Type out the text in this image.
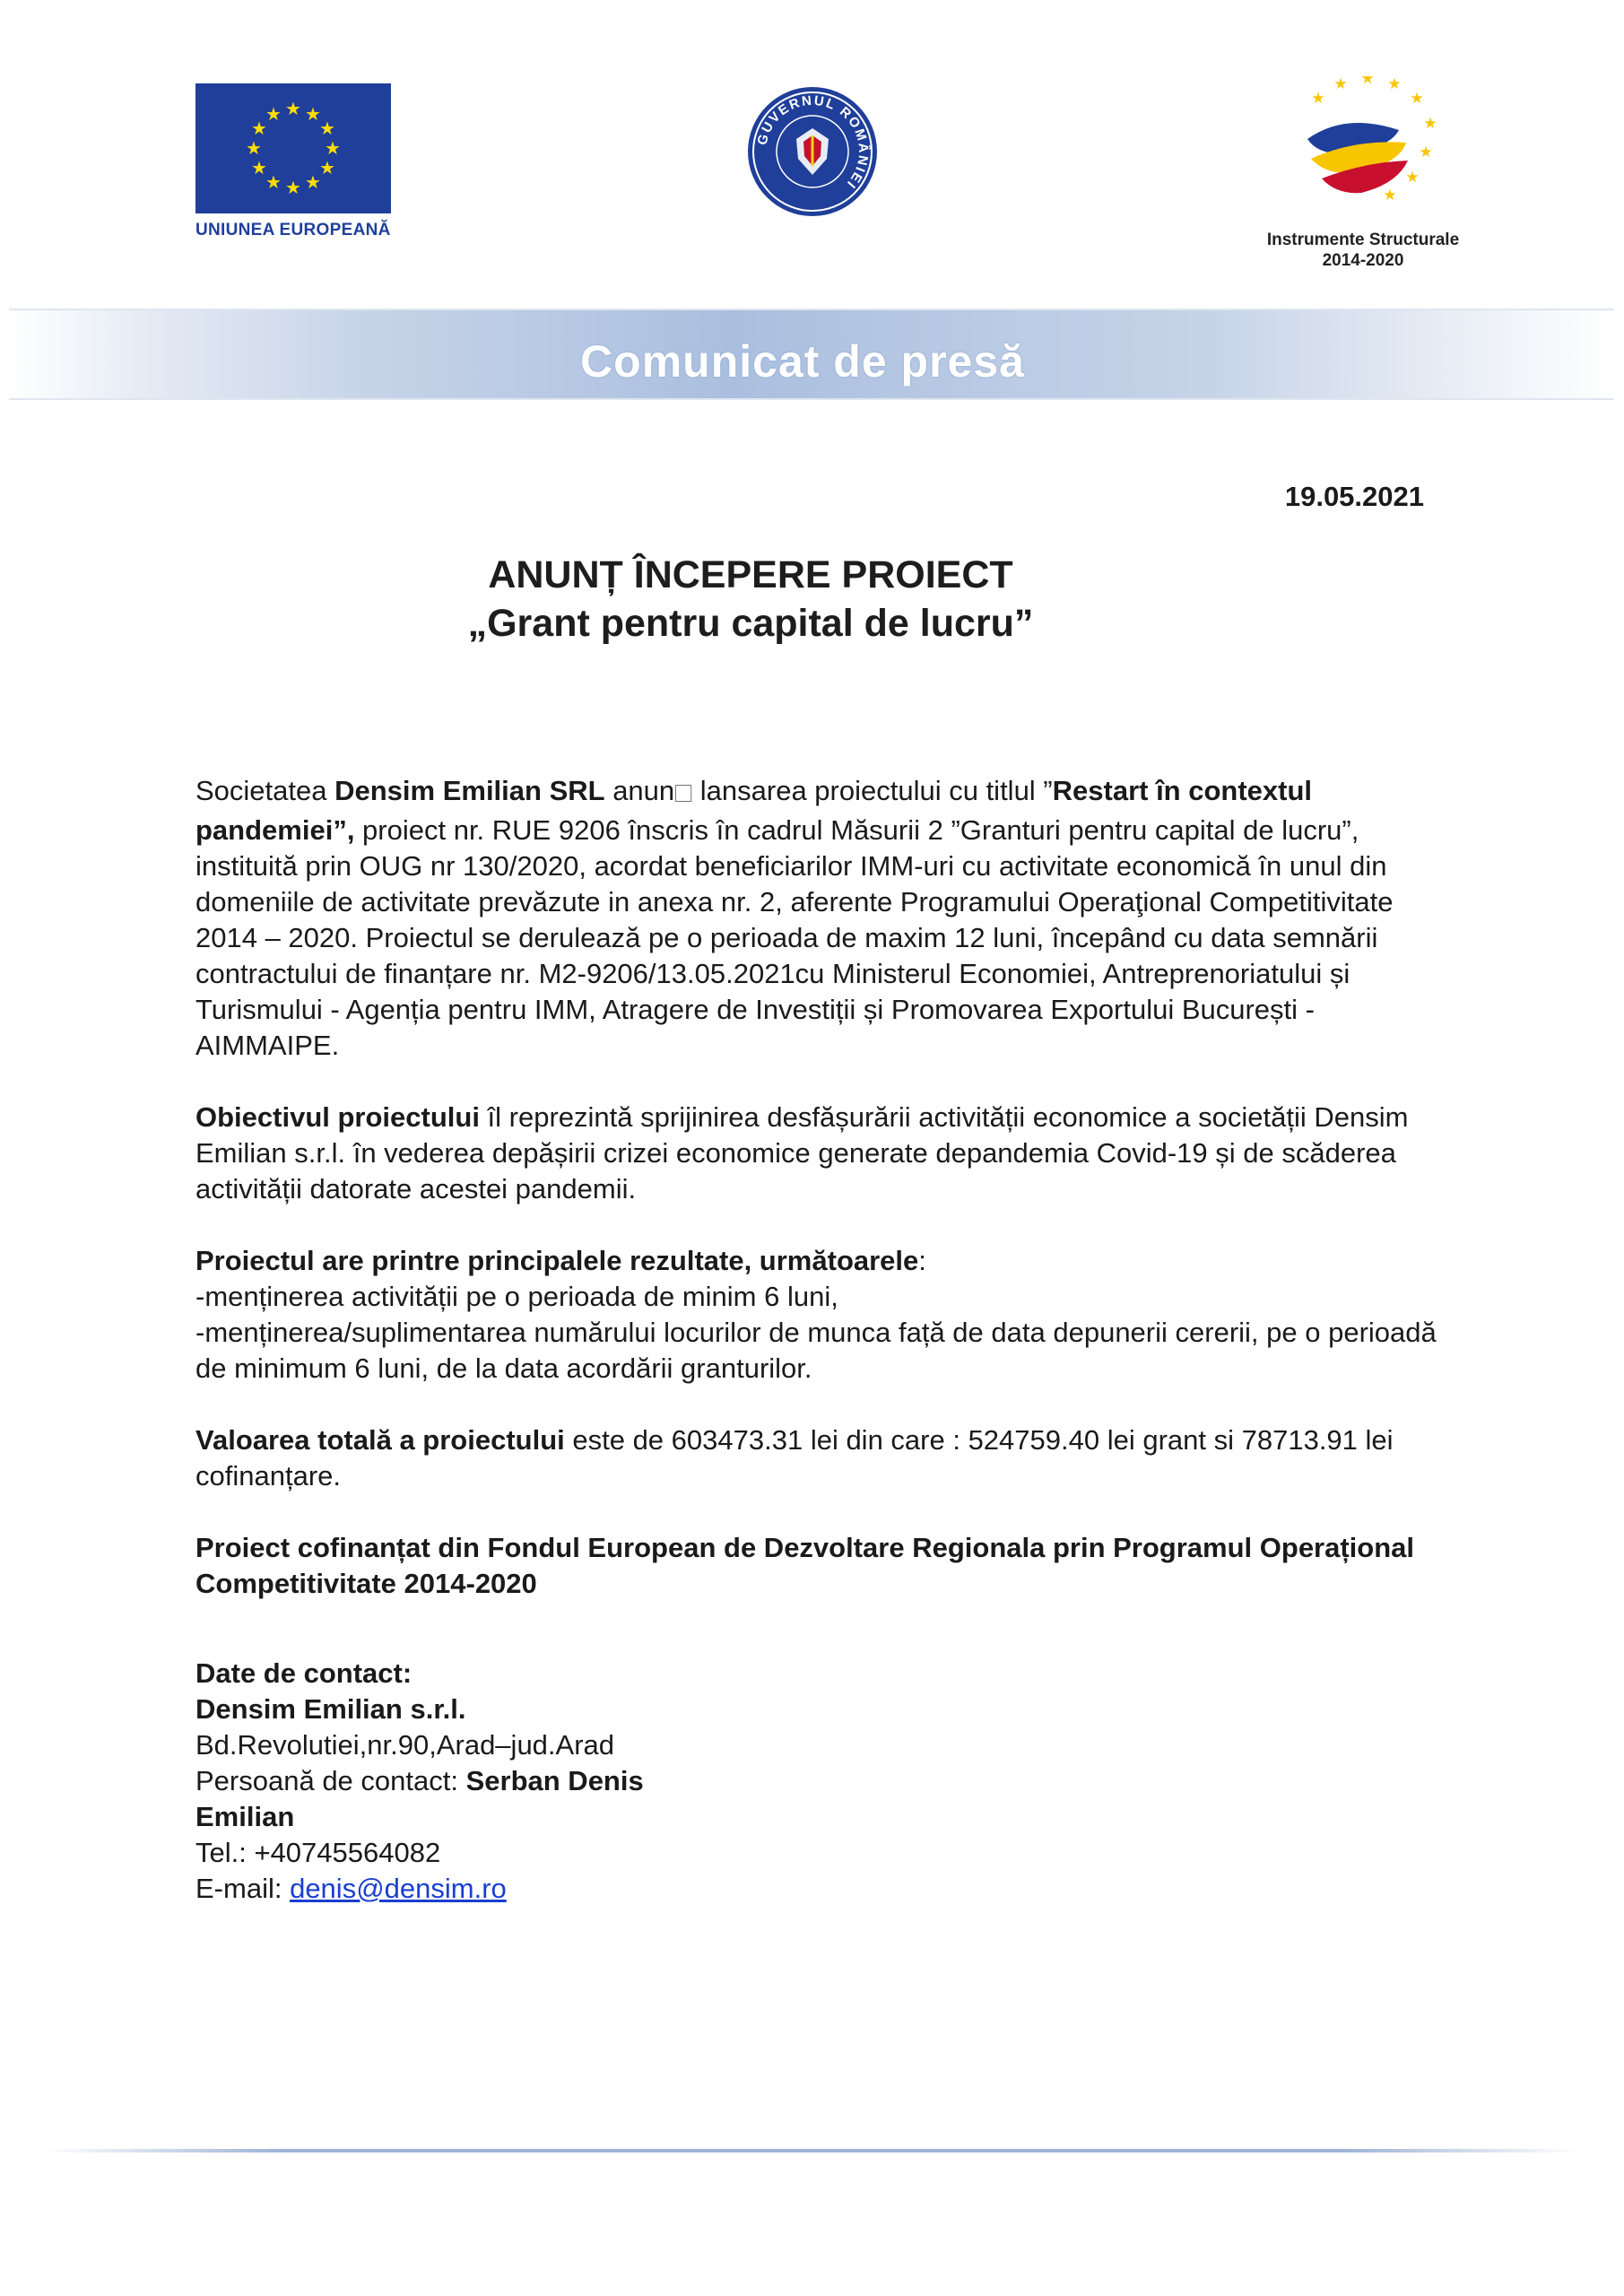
★ ★
★
★
★
★
★
★
★
★
★
★
UNIUNEA EUROPEANĂ
GUVERNUL ROMÂNIEI
★
★ ★ ★
★
★
★
★
★
Instrumente Structurale
2014-2020
Comunicat de presă
19.05.2021
ANUNȚ ÎNCEPERE PROIECT
„Grant pentru capital de lucru”

Societatea Densim Emilian SRL anun⃞ lansarea proiectului cu titlul ”Restart în contextul pandemiei”, proiect nr. RUE 9206 înscris în cadrul Măsurii 2 ”Granturi pentru capital de lucru”, instituită prin OUG nr 130/2020, acordat beneficiarilor IMM-uri cu activitate economică în unul din domeniile de activitate prevăzute in anexa nr. 2, aferente Programului Operaţional Competitivitate 2014 – 2020. Proiectul se derulează pe o perioada de maxim 12 luni, începând cu data semnării contractului de finanțare nr. M2-9206/13.05.2021cu Ministerul Economiei, Antreprenoriatului și Turismului - Agenția pentru IMM, Atragere de Investiții și Promovarea Exportului București - AIMMAIPE.

Obiectivul proiectului îl reprezintă sprijinirea desfășurării activității economice a societății Densim Emilian s.r.l. în vederea depășirii crizei economice generate depandemia Covid-19 și de scăderea activității datorate acestei pandemii.

Proiectul are printre principalele rezultate, următoarele:
-menținerea activității pe o perioada de minim 6 luni,
-menținerea/suplimentarea numărului locurilor de munca față de data depunerii cererii, pe o perioadă de minimum 6 luni, de la data acordării granturilor.

Valoarea totală a proiectului este de 603473.31 lei din care : 524759.40 lei grant si 78713.91 lei cofinanțare.

Proiect cofinanțat din Fondul European de Dezvoltare Regionala prin Programul Operațional Competitivitate 2014-2020

Date de contact:

Densim Emilian s.r.l.

Bd.Revolutiei,nr.90,Arad–jud.Arad

Persoană de contact: Serban Denis

Emilian

Tel.: +40745564082

E-mail: denis@densim.ro
